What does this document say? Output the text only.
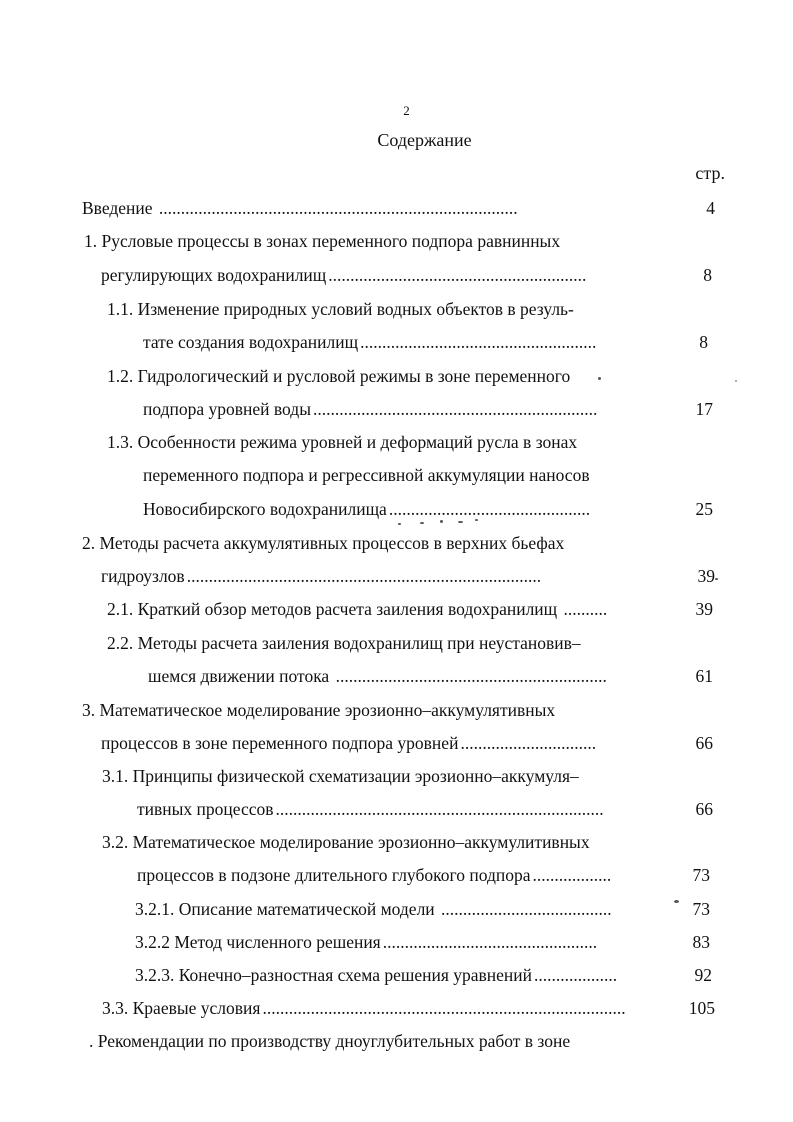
2
Содержание
стр.
Введение ..................................................................................	4
1. Русловые процессы в зонах переменного подпора равнинных
регулирующих водохранилищ ...........................................................	8
1.1. Изменение природных условий водных объектов в резуль-
тате создания водохранилищ ......................................................	8
1.2. Гидрологический и русловой режимы в зоне переменного
подпора уровней воды .................................................................	17
1.3. Особенности режима уровней и деформаций русла в зонах
переменного подпора и регрессивной аккумуляции наносов
Новосибирского водохранилища ..............................................	25
2. Методы расчета аккумулятивных процессов в верхних бьефах
гидроузлов .................................................................................	39
2.1. Краткий обзор методов расчета заиления водохранилищ ..........	39
2.2. Методы расчета заиления водохранилищ при неустановив–
шемся движении потока ..............................................................	61
3. Математическое моделирование эрозионно–аккумулятивных
процессов в зоне переменного подпора уровней ...............................	66
3.1. Принципы физической схематизации эрозионно–аккумуля–
тивных процессов ...........................................................................	66
3.2. Математическое моделирование эрозионно–аккумулитивных
процессов в подзоне длительного глубокого подпора ..................	73
3.2.1. Описание математической модели .......................................	73
3.2.2 Метод численного решения .................................................	83
3.2.3. Конечно–разностная схема решения уравнений ...................	92
3.3. Краевые условия ...................................................................................	105
. Рекомендации по производству дноуглубительных работ в зоне
